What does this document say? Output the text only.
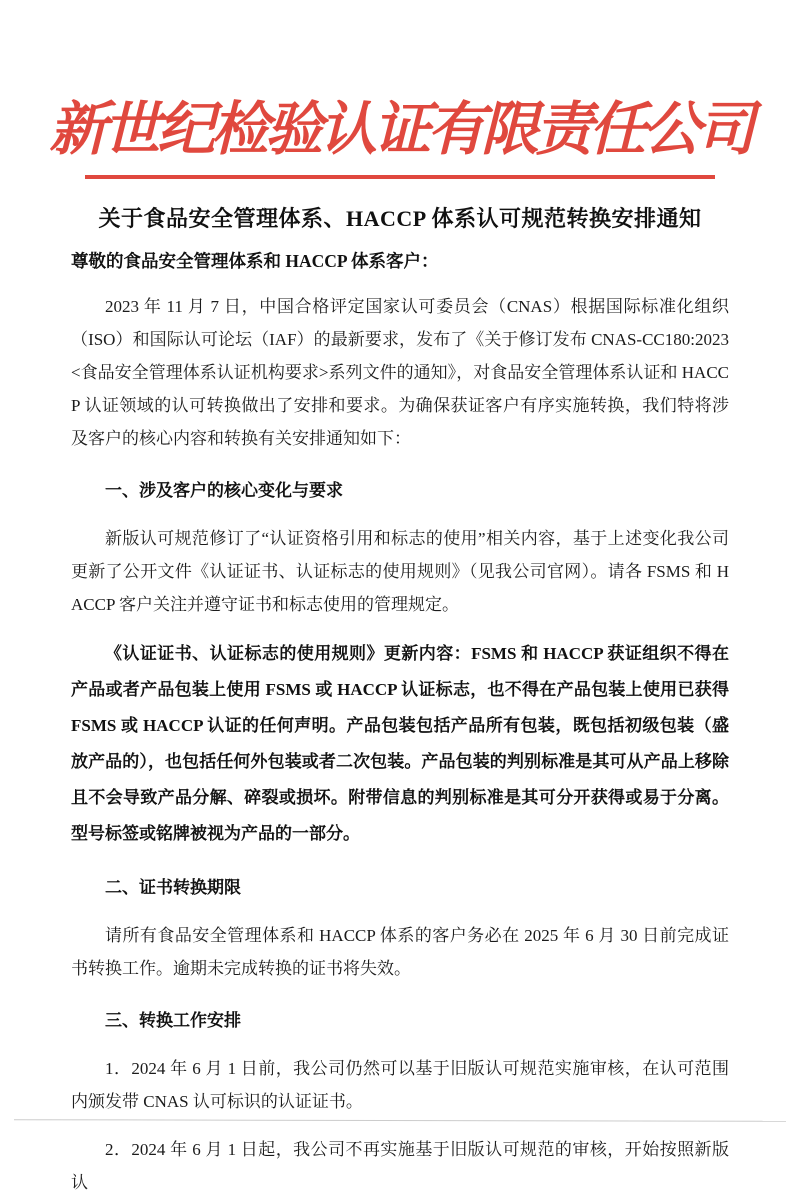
新世纪检验认证有限责任公司
关于食品安全管理体系、HACCP 体系认可规范转换安排通知
尊敬的食品安全管理体系和 HACCP 体系客户：
2023 年 11 月 7 日，中国合格评定国家认可委员会（CNAS）根据国际标准化组织（ISO）和国际认可论坛（IAF）的最新要求，发布了《关于修订发布 CNAS-CC180:2023<食品安全管理体系认证机构要求>系列文件的通知》，对食品安全管理体系认证和 HACCP 认证领域的认可转换做出了安排和要求。为确保获证客户有序实施转换，我们特将涉及客户的核心内容和转换有关安排通知如下：
一、涉及客户的核心变化与要求
新版认可规范修订了“认证资格引用和标志的使用”相关内容，基于上述变化我公司更新了公开文件《认证证书、认证标志的使用规则》（见我公司官网）。请各 FSMS 和 HACCP 客户关注并遵守证书和标志使用的管理规定。
《认证证书、认证标志的使用规则》更新内容：FSMS 和 HACCP 获证组织不得在产品或者产品包装上使用 FSMS 或 HACCP 认证标志，也不得在产品包装上使用已获得 FSMS 或 HACCP 认证的任何声明。产品包装包括产品所有包装，既包括初级包装（盛放产品的），也包括任何外包装或者二次包装。产品包装的判别标准是其可从产品上移除且不会导致产品分解、碎裂或损坏。附带信息的判别标准是其可分开获得或易于分离。型号标签或铭牌被视为产品的一部分。
二、证书转换期限
请所有食品安全管理体系和 HACCP 体系的客户务必在 2025 年 6 月 30 日前完成证书转换工作。逾期未完成转换的证书将失效。
三、转换工作安排
1．2024 年 6 月 1 日前，我公司仍然可以基于旧版认可规范实施审核，在认可范围内颁发带 CNAS 认可标识的认证证书。
2．2024 年 6 月 1 日起，我公司不再实施基于旧版认可规范的审核，开始按照新版认
